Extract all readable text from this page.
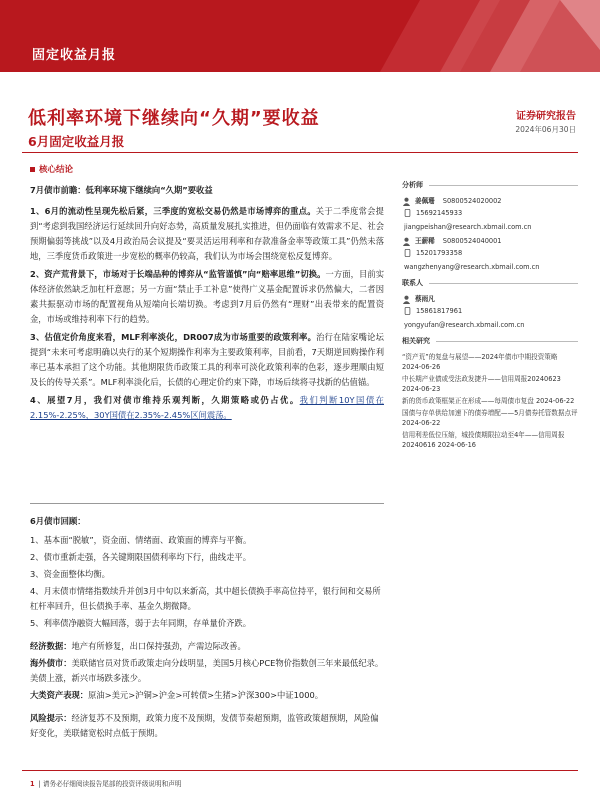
固定收益月报
低利率环境下继续向“久期”要收益
6月固定收益月报
证券研究报告
2024年06月30日
核心结论

7月债市前瞻：低利率环境下继续向“久期”要收益

1、6月的流动性呈现先松后紧，三季度的宽松交易仍然是市场博弈的重点。关于二季度常会提到“考虑到我国经济运行延续回升向好态势，高质量发展扎实推进，但仍面临有效需求不足、社会预期偏弱等挑战”以及4月政治局会议提及“要灵活运用利率和存款准备金率等政策工具”仍然未落地，三季度货币政策进一步宽松的概率仍较高，我们认为市场会围绕宽松反复博弈。

2、资产荒背景下，市场对于长端品种的博弈从“监管谨慎”向“赔率思维”切换。一方面，目前实体经济依然缺乏加杠杆意愿；另一方面“禁止手工补息”使得广义基金配置诉求仍然偏大，二者因素共振驱动市场的配置视角从短端向长端切换。考虑到7月后仍然有“理财”出表带来的配置资金，市场或维持利率下行的趋势。

3、估值定价角度来看，MLF利率淡化，DR007成为市场重要的政策利率。治行在陆家嘴论坛提到“未来可考虑明确以央行的某个短期操作利率为主要政策利率，目前看，7天期逆回购操作利率已基本承担了这个功能。其他期限货币政策工具的利率可淡化政策利率的色彩，逐步理顺由短及长的传导关系”。MLF利率淡化后，长债的心理定价约束下降，市场后续将寻找新的估值锚。

4、展望7月，我们对债市维持乐观判断，久期策略或仍占优。我们判断10Y国债在2.15%-2.25%，30Y国债在2.35%-2.45%区间震荡。

6月债市回顾：

1、基本面“脱敏”，资金面、情绪面、政策面的博弈与平衡。

2、债市重新走强，各关键期限国债利率均下行，曲线走平。

3、资金面整体均衡。

4、月末债市情绪指数续升并创3月中旬以来新高，其中超长债换手率高位持平，银行间和交易所杠杆率回升，但长债换手率、基金久期微降。

5、利率债净融资大幅回落，弱于去年同期，存单量价齐跌。

经济数据：地产有所修复，出口保持强劲，产需边际改善。

海外债市：美联储官员对货币政策走向分歧明显，美国5月核心PCE物价指数创三年来最低纪录。美债上涨，新兴市场跌多涨少。

大类资产表现：原油>美元>沪铜>沪金>可转债>生猪>沪深300>中证1000。

风险提示：经济复苏不及预期，政策力度不及预期，发债节奏超预期，监管政策超预期，风险偏好变化，美联储宽松时点低于预期。

分析师
姜佩珊 S0800524020002
15692145933
jiangpeishan@research.xbmail.com.cn
王薪稀 S0800524040001
15201793358
wangzhenyang@research.xbmail.com.cn
联系人
蔡雨凡
15861817961
yongyufan@research.xbmail.com.cn
相关研究
“资产荒”的复盘与展望——2024年债市中期投资策略 2024-06-26
中长期产业债或受法政发捷升——信用周报20240623 2024-06-23
新的货币政策框架正在形成——每周债市复盘 2024-06-22
国债与存单供给加速下的债券增配——5月债券托管数据点评 2024-06-22
信用利差低位压缩，城投债期限拉动至4年——信用周报20240616 2024-06-16
1 | 请务必仔细阅读报告尾部的投资评级说明和声明
